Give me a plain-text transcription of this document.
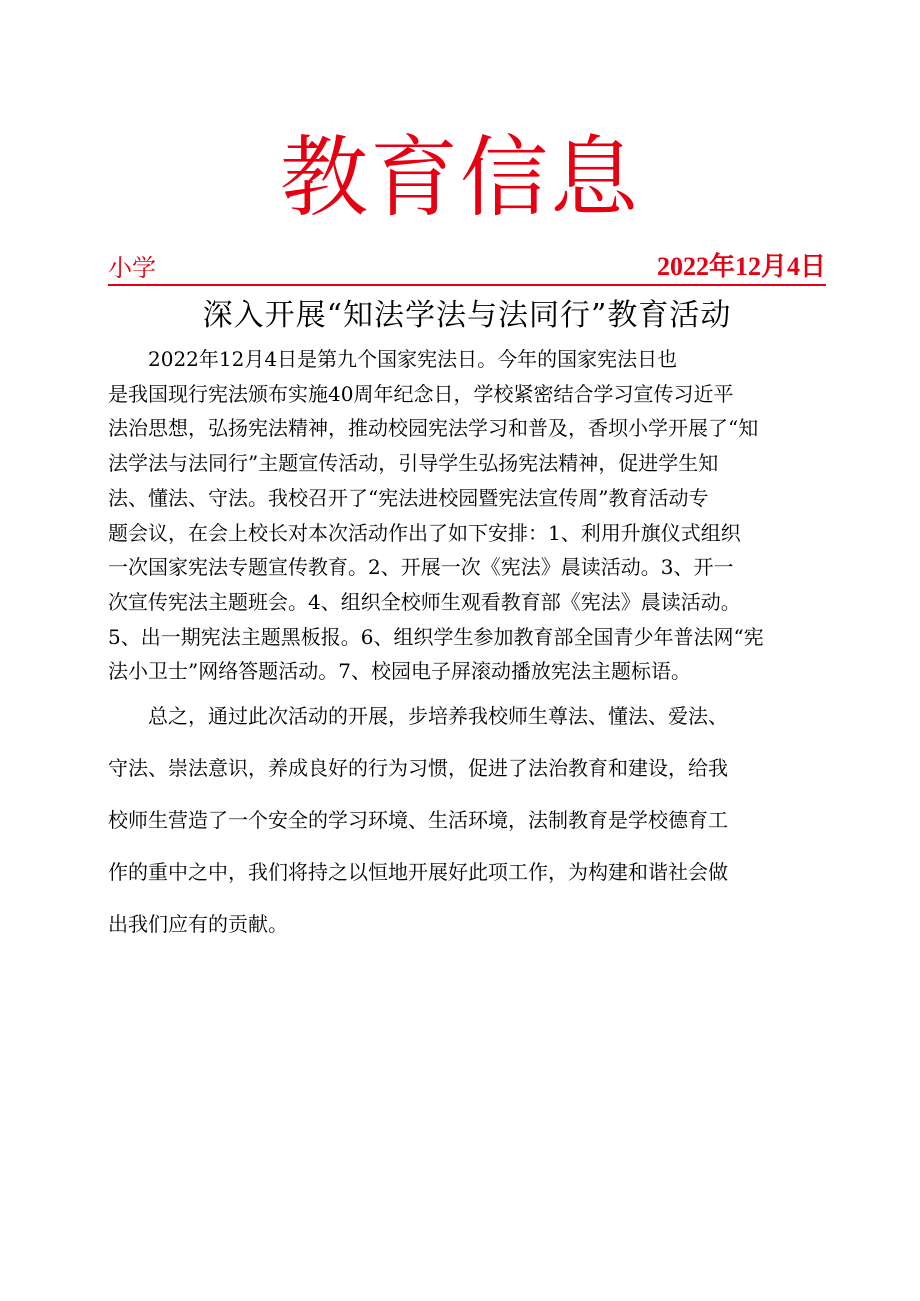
教育信息
小学	2022年12月4日
深入开展“知法学法与法同行”教育活动
　　2022年12月4日是第九个国家宪法日。今年的国家宪法日也
是我国现行宪法颁布实施40周年纪念日，学校紧密结合学习宣传习近平
法治思想，弘扬宪法精神，推动校园宪法学习和普及，香坝小学开展了“知
法学法与法同行”主题宣传活动，引导学生弘扬宪法精神，促进学生知
法、懂法、守法。我校召开了“宪法进校园暨宪法宣传周”教育活动专
题会议，在会上校长对本次活动作出了如下安排：1、利用升旗仪式组织
一次国家宪法专题宣传教育。2、开展一次《宪法》晨读活动。3、开一
次宣传宪法主题班会。4、组织全校师生观看教育部《宪法》晨读活动。
5、出一期宪法主题黑板报。6、组织学生参加教育部全国青少年普法网“宪
法小卫士”网络答题活动。7、校园电子屏滚动播放宪法主题标语。
　　总之，通过此次活动的开展，步培养我校师生尊法、懂法、爱法、
守法、崇法意识，养成良好的行为习惯，促进了法治教育和建设，给我
校师生营造了一个安全的学习环境、生活环境，法制教育是学校德育工
作的重中之中，我们将持之以恒地开展好此项工作，为构建和谐社会做
出我们应有的贡献。
